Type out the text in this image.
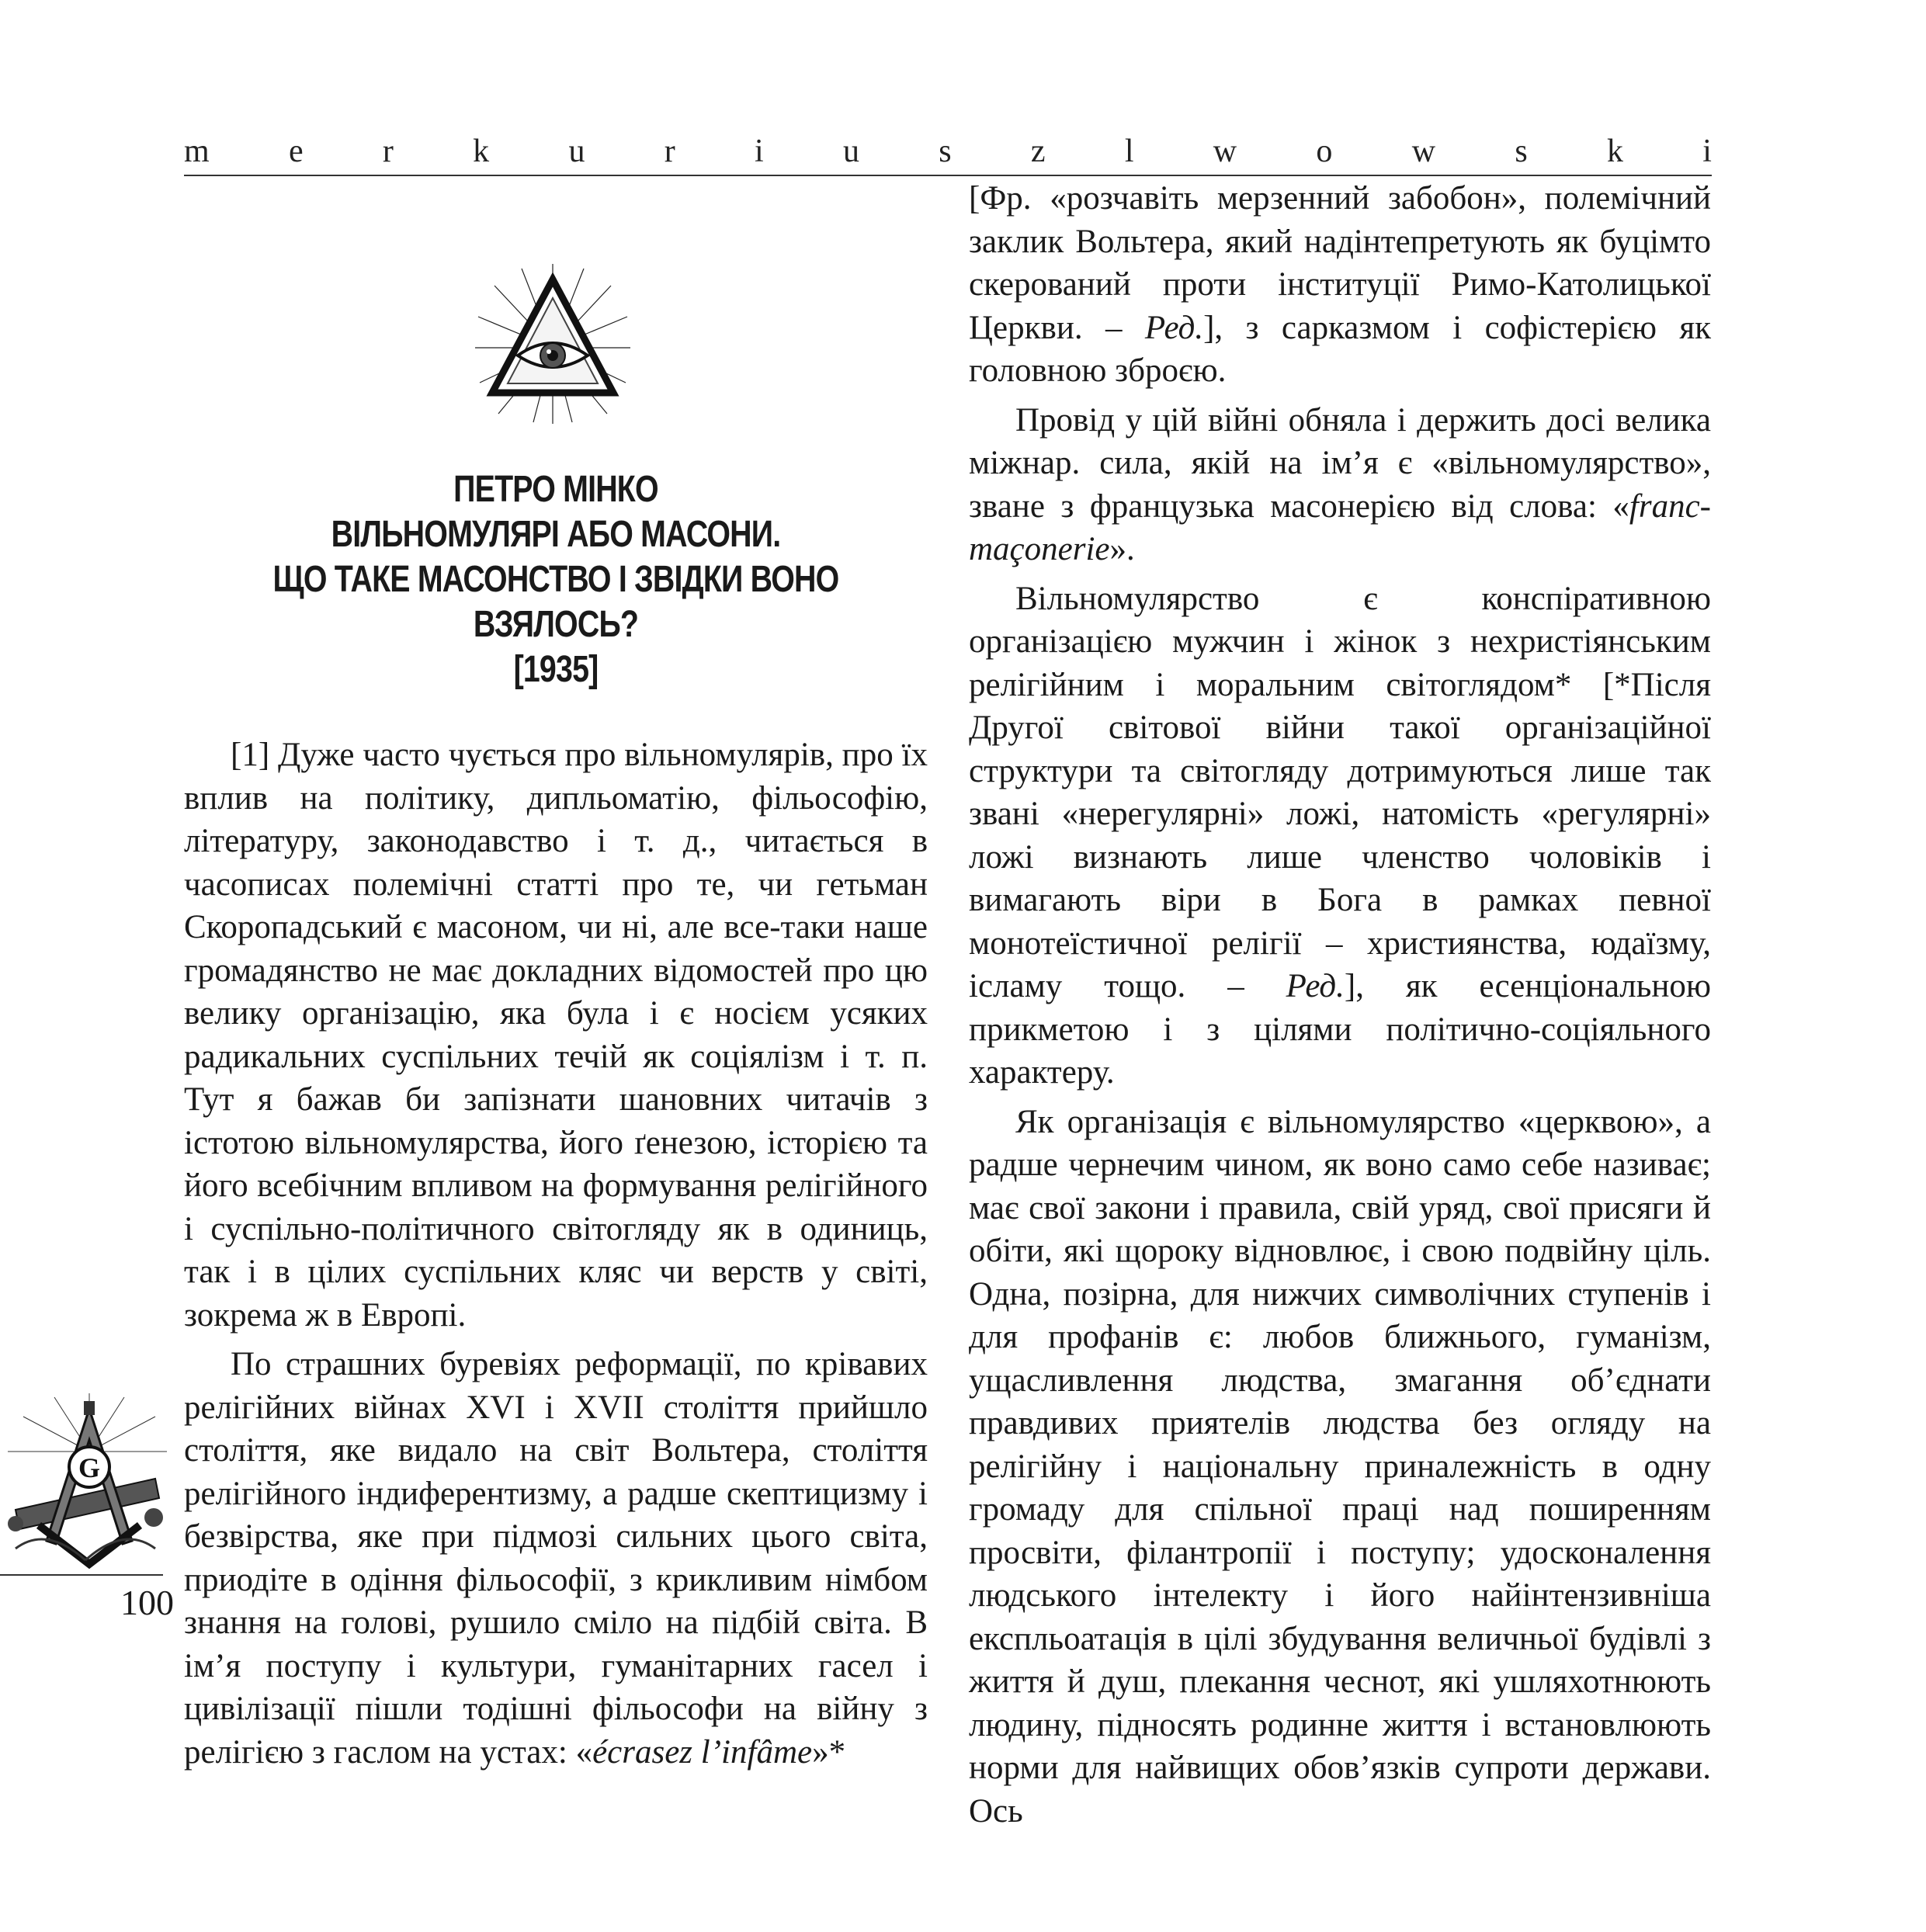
m e r k u r i u s z l w o w s k i
ПЕТРО МІНКО
ВІЛЬНОМУЛЯРІ АБО МАСОНИ.
ЩО ТАКЕ МАСОНСТВО І ЗВІДКИ ВОНО
ВЗЯЛОСЬ?
[1935]

[1] Дуже часто чується про вільномулярів, про їх вплив на політику, дипльоматію, фільософію, літературу, законодавство і т. д., читається в часописах полемічні статті про те, чи гетьман Скоропадський є масоном, чи ні, але все-таки наше громадянство не має докладних відомостей про цю велику організацію, яка була і є носієм усяких радикальних суспільних течій як соціялізм і т. п. Тут я бажав би запізнати шановних читачів з істотою вільномулярства, його ґенезою, історією та його всебічним впливом на формування релігійного і суспільно-політичного світогляду як в одиниць, так і в цілих суспільних кляс чи верств у світі, зокрема ж в Европі.

По страшних буревіях реформації, по крівавих релігійних війнах XVI і XVII століття прийшло століття, яке видало на світ Вольтера, століття релігійного індиферентизму, а радше скептицизму і безвірства, яке при підмозі сильних цього світа, приодіте в одіння фільософії, з крикливим німбом знання на голові, рушило сміло на підбій світа. В ім’я поступу і культури, гуманітарних гасел і цивілізації пішли тодішні фільософи на війну з релігією з гаслом на устах: «écrasez l’infâme»*

[Фр. «розчавіть мерзенний забобон», полемічний заклик Вольтера, який надінтепретують як буцімто скерований проти інституції Римо-Католицької Церкви. – Ред.], з сарказмом і софістерією як головною зброєю.

Провід у цій війні обняла і держить досі велика міжнар. сила, якій на ім’я є «вільномулярство», зване з французька масонерією від слова: «franc-maçonerie».

Вільномулярство є конспіративною організацією мужчин і жінок з нехристіянським релігійним і моральним світоглядом* [*Після Другої світової війни такої організаційної структури та світогляду дотримуються лише так звані «нерегулярні» ложі, натомість «регулярні» ложі визнають лише членство чоловіків і вимагають віри в Бога в рамках певної монотеїстичної релігії – християнства, юдаїзму, ісламу тощо. – Ред.], як есенціональною прикметою і з цілями політично-соціяльного характеру.

Як організація є вільномулярство «церквою», а радше чернечим чином, як воно само себе називає; має свої закони і правила, свій уряд, свої присяги й обіти, які щороку відновлює, і свою подвійну ціль. Одна, позірна, для нижчих символічних ступенів і для профанів є: любов ближнього, гуманізм, ущасливлення людства, змагання об’єднати правдивих приятелів людства без огляду на релігійну і національну приналежність в одну громаду для спільної праці над поширенням просвіти, філантропії і поступу; удосконалення людського інтелекту і його найінтензивніша експльоатація в цілі збудування величньої будівлі з життя й душ, плекання чеснот, які ушляхотнюють людину, підносять родинне життя і встановлюють норми для найвищих обов’язків супроти держави. Ось

G
100
